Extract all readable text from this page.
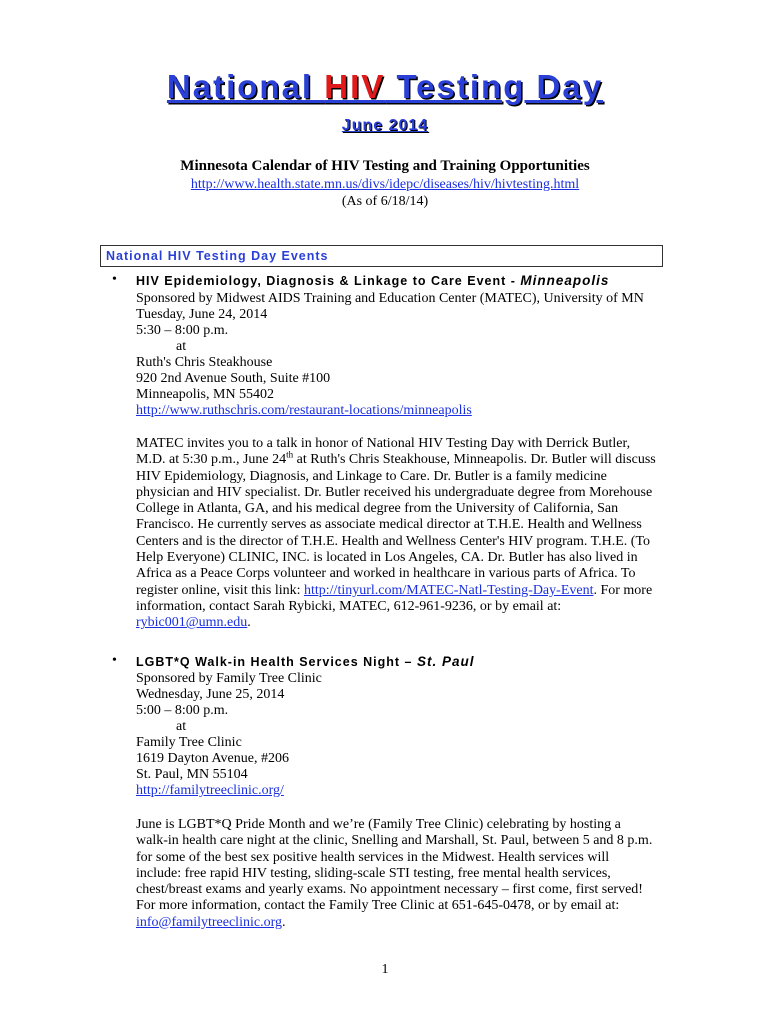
National HIV Testing Day
June 2014
Minnesota Calendar of HIV Testing and Training Opportunities
http://www.health.state.mn.us/divs/idepc/diseases/hiv/hivtesting.html
(As of 6/18/14)
National HIV Testing Day Events
• HIV Epidemiology, Diagnosis & Linkage to Care Event - Minneapolis
Sponsored by Midwest AIDS Training and Education Center (MATEC), University of MN
Tuesday, June 24, 2014
5:30 – 8:00 p.m.
at
Ruth's Chris Steakhouse
920 2nd Avenue South, Suite #100
Minneapolis, MN 55402
http://www.ruthschris.com/restaurant-locations/minneapolis
MATEC invites you to a talk in honor of National HIV Testing Day with Derrick Butler, M.D. at 5:30 p.m., June 24th at Ruth's Chris Steakhouse, Minneapolis. Dr. Butler will discuss HIV Epidemiology, Diagnosis, and Linkage to Care. Dr. Butler is a family medicine physician and HIV specialist. Dr. Butler received his undergraduate degree from Morehouse College in Atlanta, GA, and his medical degree from the University of California, San Francisco. He currently serves as associate medical director at T.H.E. Health and Wellness Centers and is the director of T.H.E. Health and Wellness Center's HIV program. T.H.E. (To Help Everyone) CLINIC, INC. is located in Los Angeles, CA. Dr. Butler has also lived in Africa as a Peace Corps volunteer and worked in healthcare in various parts of Africa. To register online, visit this link: http://tinyurl.com/MATEC-Natl-Testing-Day-Event. For more information, contact Sarah Rybicki, MATEC, 612-961-9236, or by email at: rybic001@umn.edu.
• LGBT*Q Walk-in Health Services Night – St. Paul
Sponsored by Family Tree Clinic
Wednesday, June 25, 2014
5:00 – 8:00 p.m.
at
Family Tree Clinic
1619 Dayton Avenue, #206
St. Paul, MN 55104
http://familytreeclinic.org/
June is LGBT*Q Pride Month and we’re (Family Tree Clinic) celebrating by hosting a walk-in health care night at the clinic, Snelling and Marshall, St. Paul, between 5 and 8 p.m. for some of the best sex positive health services in the Midwest. Health services will include: free rapid HIV testing, sliding-scale STI testing, free mental health services, chest/breast exams and yearly exams. No appointment necessary – first come, first served! For more information, contact the Family Tree Clinic at 651-645-0478, or by email at: info@familytreeclinic.org.
1
